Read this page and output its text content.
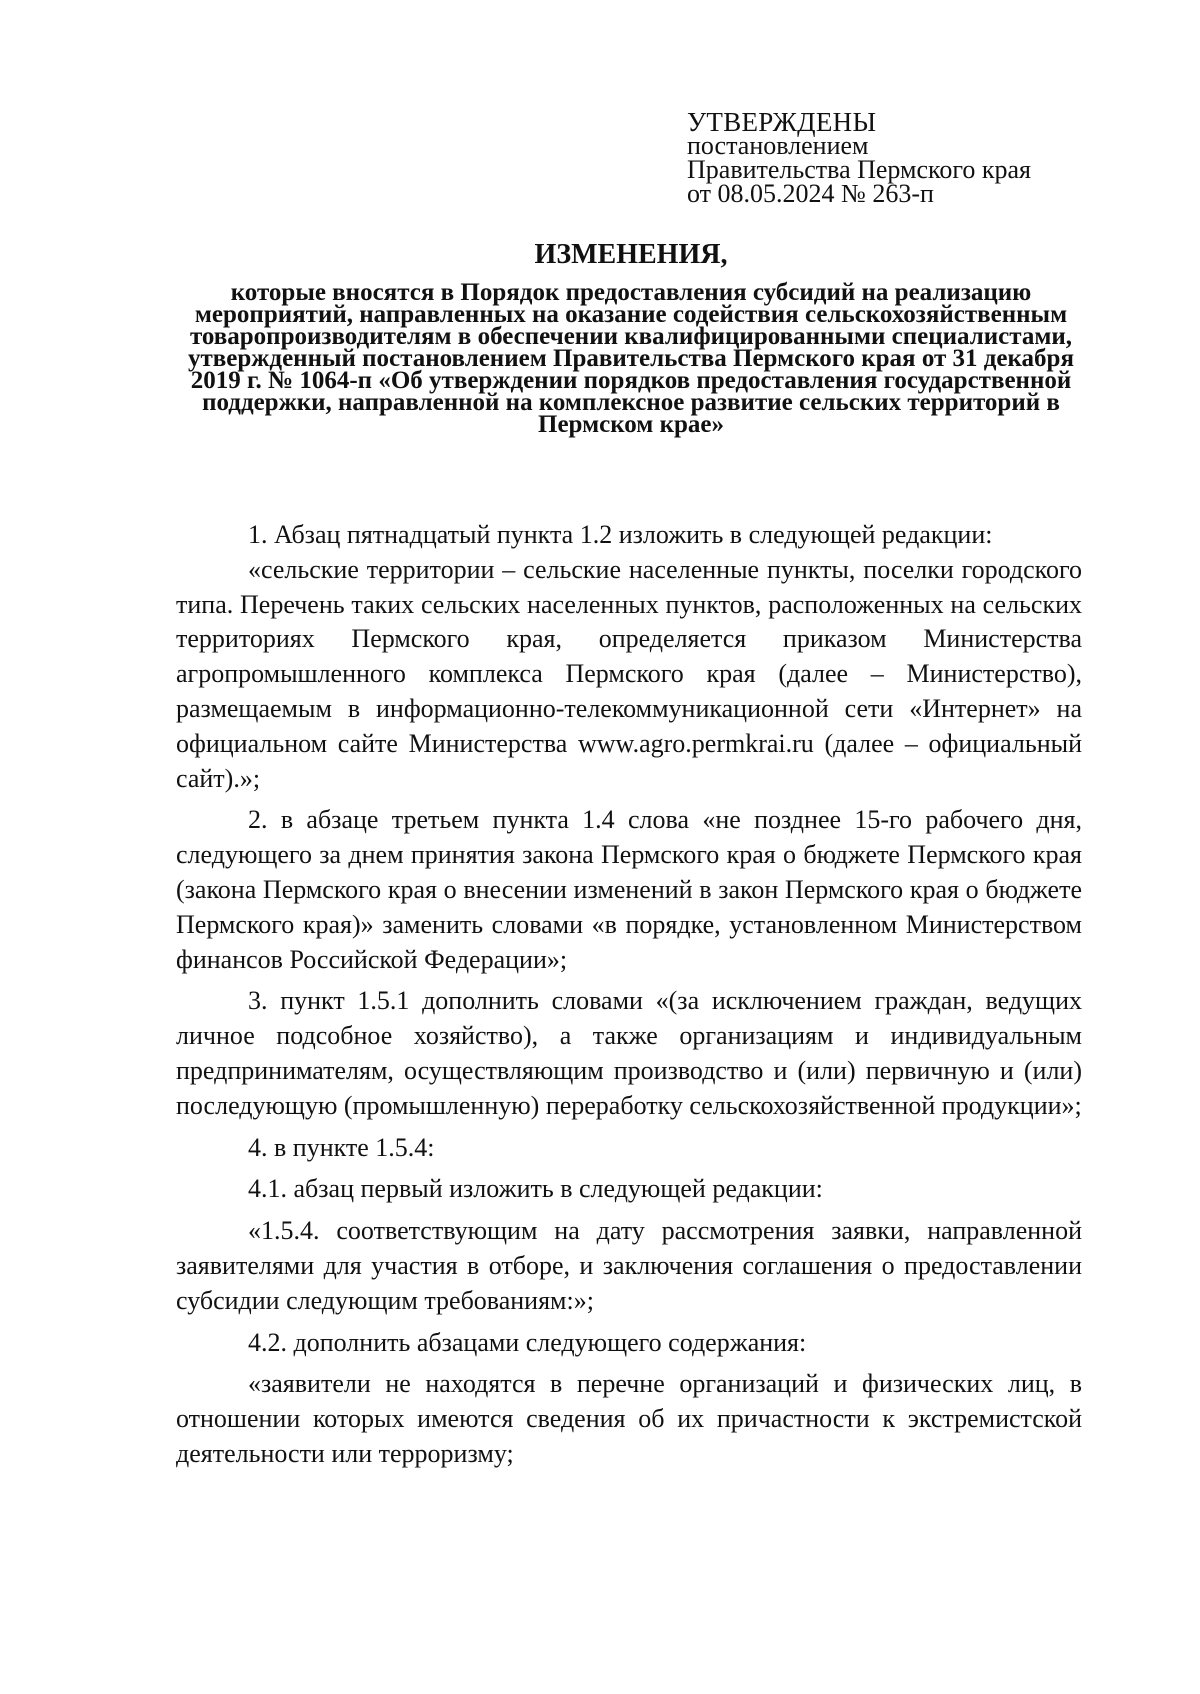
УТВЕРЖДЕНЫ
постановлением
Правительства Пермского края
от 08.05.2024 № 263-п
ИЗМЕНЕНИЯ,
которые вносятся в Порядок предоставления субсидий на реализацию мероприятий, направленных на оказание содействия сельскохозяйственным товаропроизводителям в обеспечении квалифицированными специалистами, утвержденный постановлением Правительства Пермского края от 31 декабря 2019 г. № 1064-п «Об утверждении порядков предоставления государственной поддержки, направленной на комплексное развитие сельских территорий в Пермском крае»

1. Абзац пятнадцатый пункта 1.2 изложить в следующей редакции:

«сельские территории – сельские населенные пункты, поселки городского типа. Перечень таких сельских населенных пунктов, расположенных на сельских территориях Пермского края, определяется приказом Министерства агропромышленного комплекса Пермского края (далее – Министерство), размещаемым в информационно-телекоммуникационной сети «Интернет» на официальном сайте Министерства www.agro.permkrai.ru (далее – официальный сайт).»;

2. в абзаце третьем пункта 1.4 слова «не позднее 15-го рабочего дня, следующего за днем принятия закона Пермского края о бюджете Пермского края (закона Пермского края о внесении изменений в закон Пермского края о бюджете Пермского края)» заменить словами «в порядке, установленном Министерством финансов Российской Федерации»;

3. пункт 1.5.1 дополнить словами «(за исключением граждан, ведущих личное подсобное хозяйство), а также организациям и индивидуальным предпринимателям, осуществляющим производство и (или) первичную и (или) последующую (промышленную) переработку сельскохозяйственной продукции»;

4. в пункте 1.5.4:

4.1. абзац первый изложить в следующей редакции:

«1.5.4. соответствующим на дату рассмотрения заявки, направленной заявителями для участия в отборе, и заключения соглашения о предоставлении субсидии следующим требованиям:»;

4.2. дополнить абзацами следующего содержания:

«заявители не находятся в перечне организаций и физических лиц, в отношении которых имеются сведения об их причастности к экстремистской деятельности или терроризму;
